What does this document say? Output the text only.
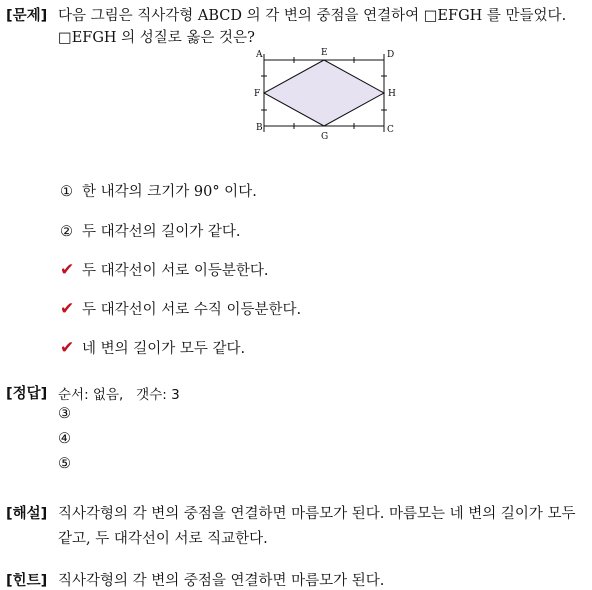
[문제] 다음 그림은 직사각형 ABCD 의 각 변의 중점을 연결하여 □EFGH 를 만들었다.
□EFGH 의 성질로 옳은 것은?
A	E	D
F	H
B
G
C
① 한 내각의 크기가 90° 이다.
② 두 대각선의 길이가 같다.
✔ 두 대각선이 서로 이등분한다.
✔ 두 대각선이 서로 수직 이등분한다.
✔ 네 변의 길이가 모두 같다.
[정답] 순서: 없음,   갯수: 3
③
④
⑤
[해설] 직사각형의 각 변의 중점을 연결하면 마름모가 된다. 마름모는 네 변의 길이가 모두
같고, 두 대각선이 서로 직교한다.
[힌트] 직사각형의 각 변의 중점을 연결하면 마름모가 된다.
